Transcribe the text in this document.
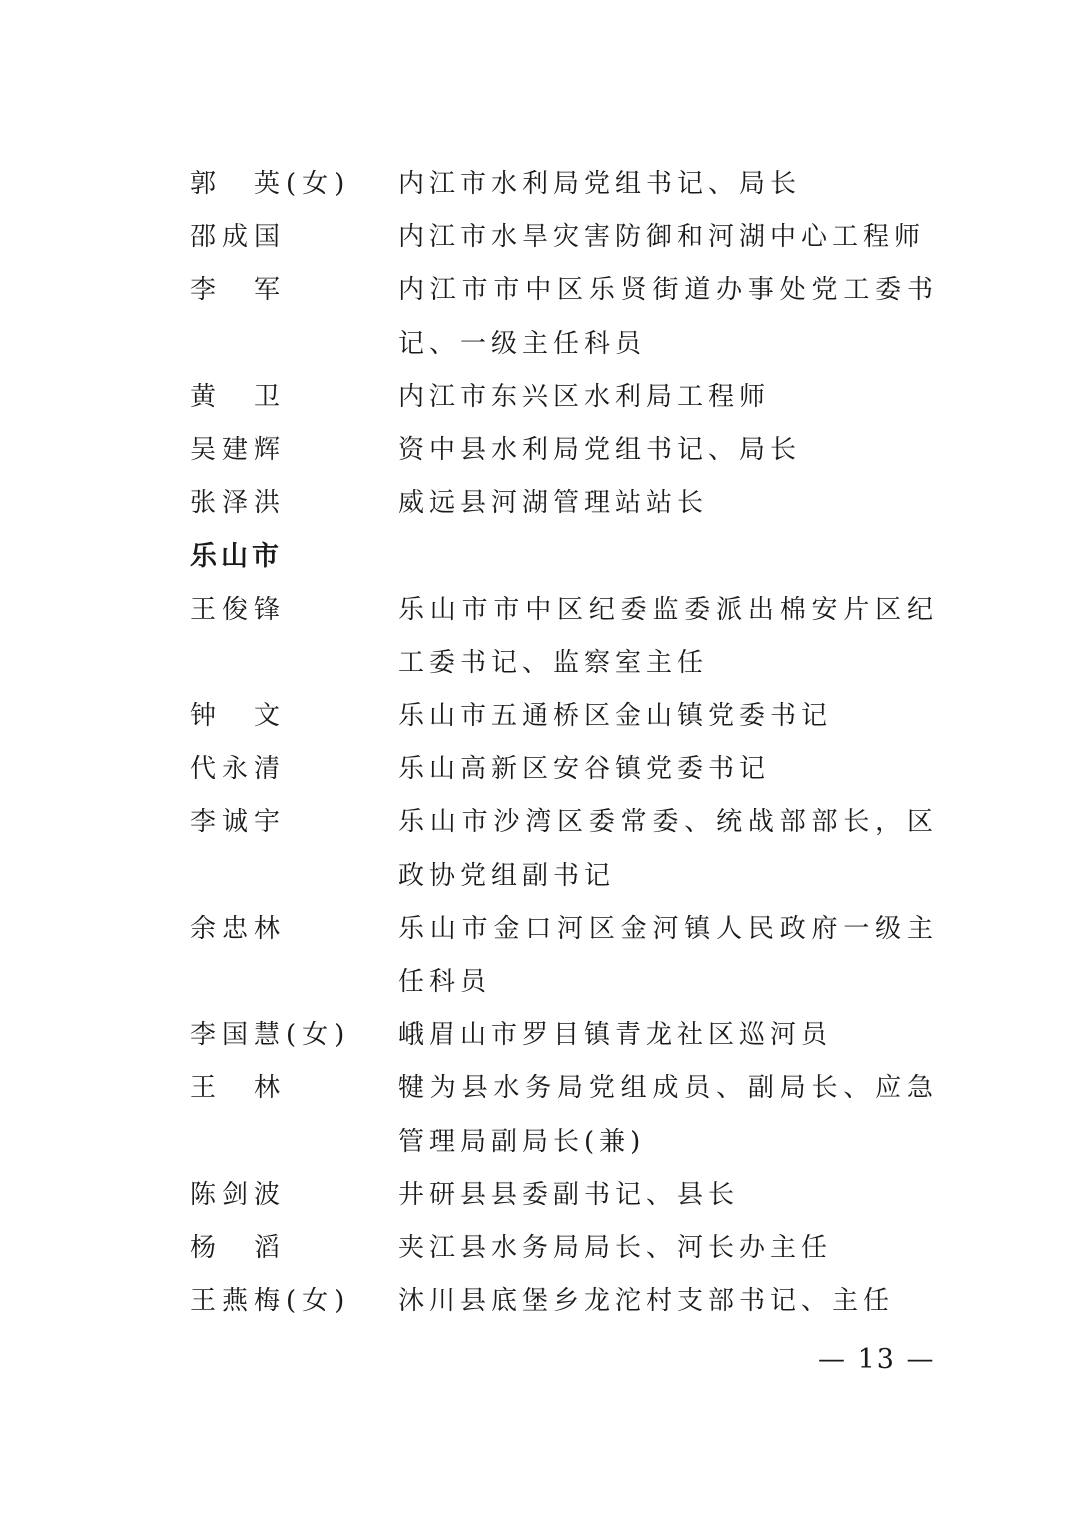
郭　英(女)	内江市水利局党组书记、局长
邵成国	内江市水旱灾害防御和河湖中心工程师
李　军	内江市市中区乐贤街道办事处党工委书记、一级主任科员
黄　卫	内江市东兴区水利局工程师
吴建辉	资中县水利局党组书记、局长
张泽洪	威远县河湖管理站站长
乐山市
王俊锋	乐山市市中区纪委监委派出棉安片区纪工委书记、监察室主任
钟　文	乐山市五通桥区金山镇党委书记
代永清	乐山高新区安谷镇党委书记
李诚宇	乐山市沙湾区委常委、统战部部长，区政协党组副书记
余忠林	乐山市金口河区金河镇人民政府一级主任科员
李国慧(女)	峨眉山市罗目镇青龙社区巡河员
王　林	犍为县水务局党组成员、副局长、应急管理局副局长(兼)
陈剑波	井研县县委副书记、县长
杨　滔	夹江县水务局局长、河长办主任
王燕梅(女)	沐川县底堡乡龙沱村支部书记、主任
— 13 —
